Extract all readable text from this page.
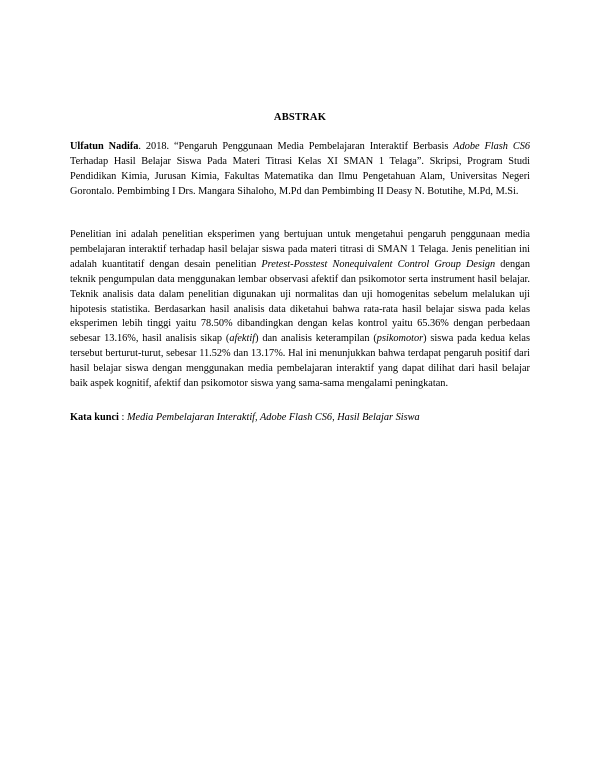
ABSTRAK

Ulfatun Nadifa. 2018. “Pengaruh Penggunaan Media Pembelajaran Interaktif Berbasis Adobe Flash CS6 Terhadap Hasil Belajar Siswa Pada Materi Titrasi Kelas XI SMAN 1 Telaga”. Skripsi, Program Studi Pendidikan Kimia, Jurusan Kimia, Fakultas Matematika dan Ilmu Pengetahuan Alam, Universitas Negeri Gorontalo. Pembimbing I Drs. Mangara Sihaloho, M.Pd dan Pembimbing II Deasy N. Botutihe, M.Pd, M.Si.

Penelitian ini adalah penelitian eksperimen yang bertujuan untuk mengetahui pengaruh penggunaan media pembelajaran interaktif terhadap hasil belajar siswa pada materi titrasi di SMAN 1 Telaga. Jenis penelitian ini adalah kuantitatif dengan desain penelitian Pretest-Posstest Nonequivalent Control Group Design dengan teknik pengumpulan data menggunakan lembar observasi afektif dan psikomotor serta instrument hasil belajar. Teknik analisis data dalam penelitian digunakan uji normalitas dan uji homogenitas sebelum melalukan uji hipotesis statistika. Berdasarkan hasil analisis data diketahui bahwa rata-rata hasil belajar siswa pada kelas eksperimen lebih tinggi yaitu 78.50% dibandingkan dengan kelas kontrol yaitu 65.36% dengan perbedaan sebesar 13.16%, hasil analisis sikap (afektif) dan analisis keterampilan (psikomotor) siswa pada kedua kelas tersebut berturut-turut, sebesar 11.52% dan 13.17%. Hal ini menunjukkan bahwa terdapat pengaruh positif dari hasil belajar siswa dengan menggunakan media pembelajaran interaktif yang dapat dilihat dari hasil belajar baik aspek kognitif, afektif dan psikomotor siswa yang sama-sama mengalami peningkatan.

Kata kunci : Media Pembelajaran Interaktif, Adobe Flash CS6, Hasil Belajar Siswa
